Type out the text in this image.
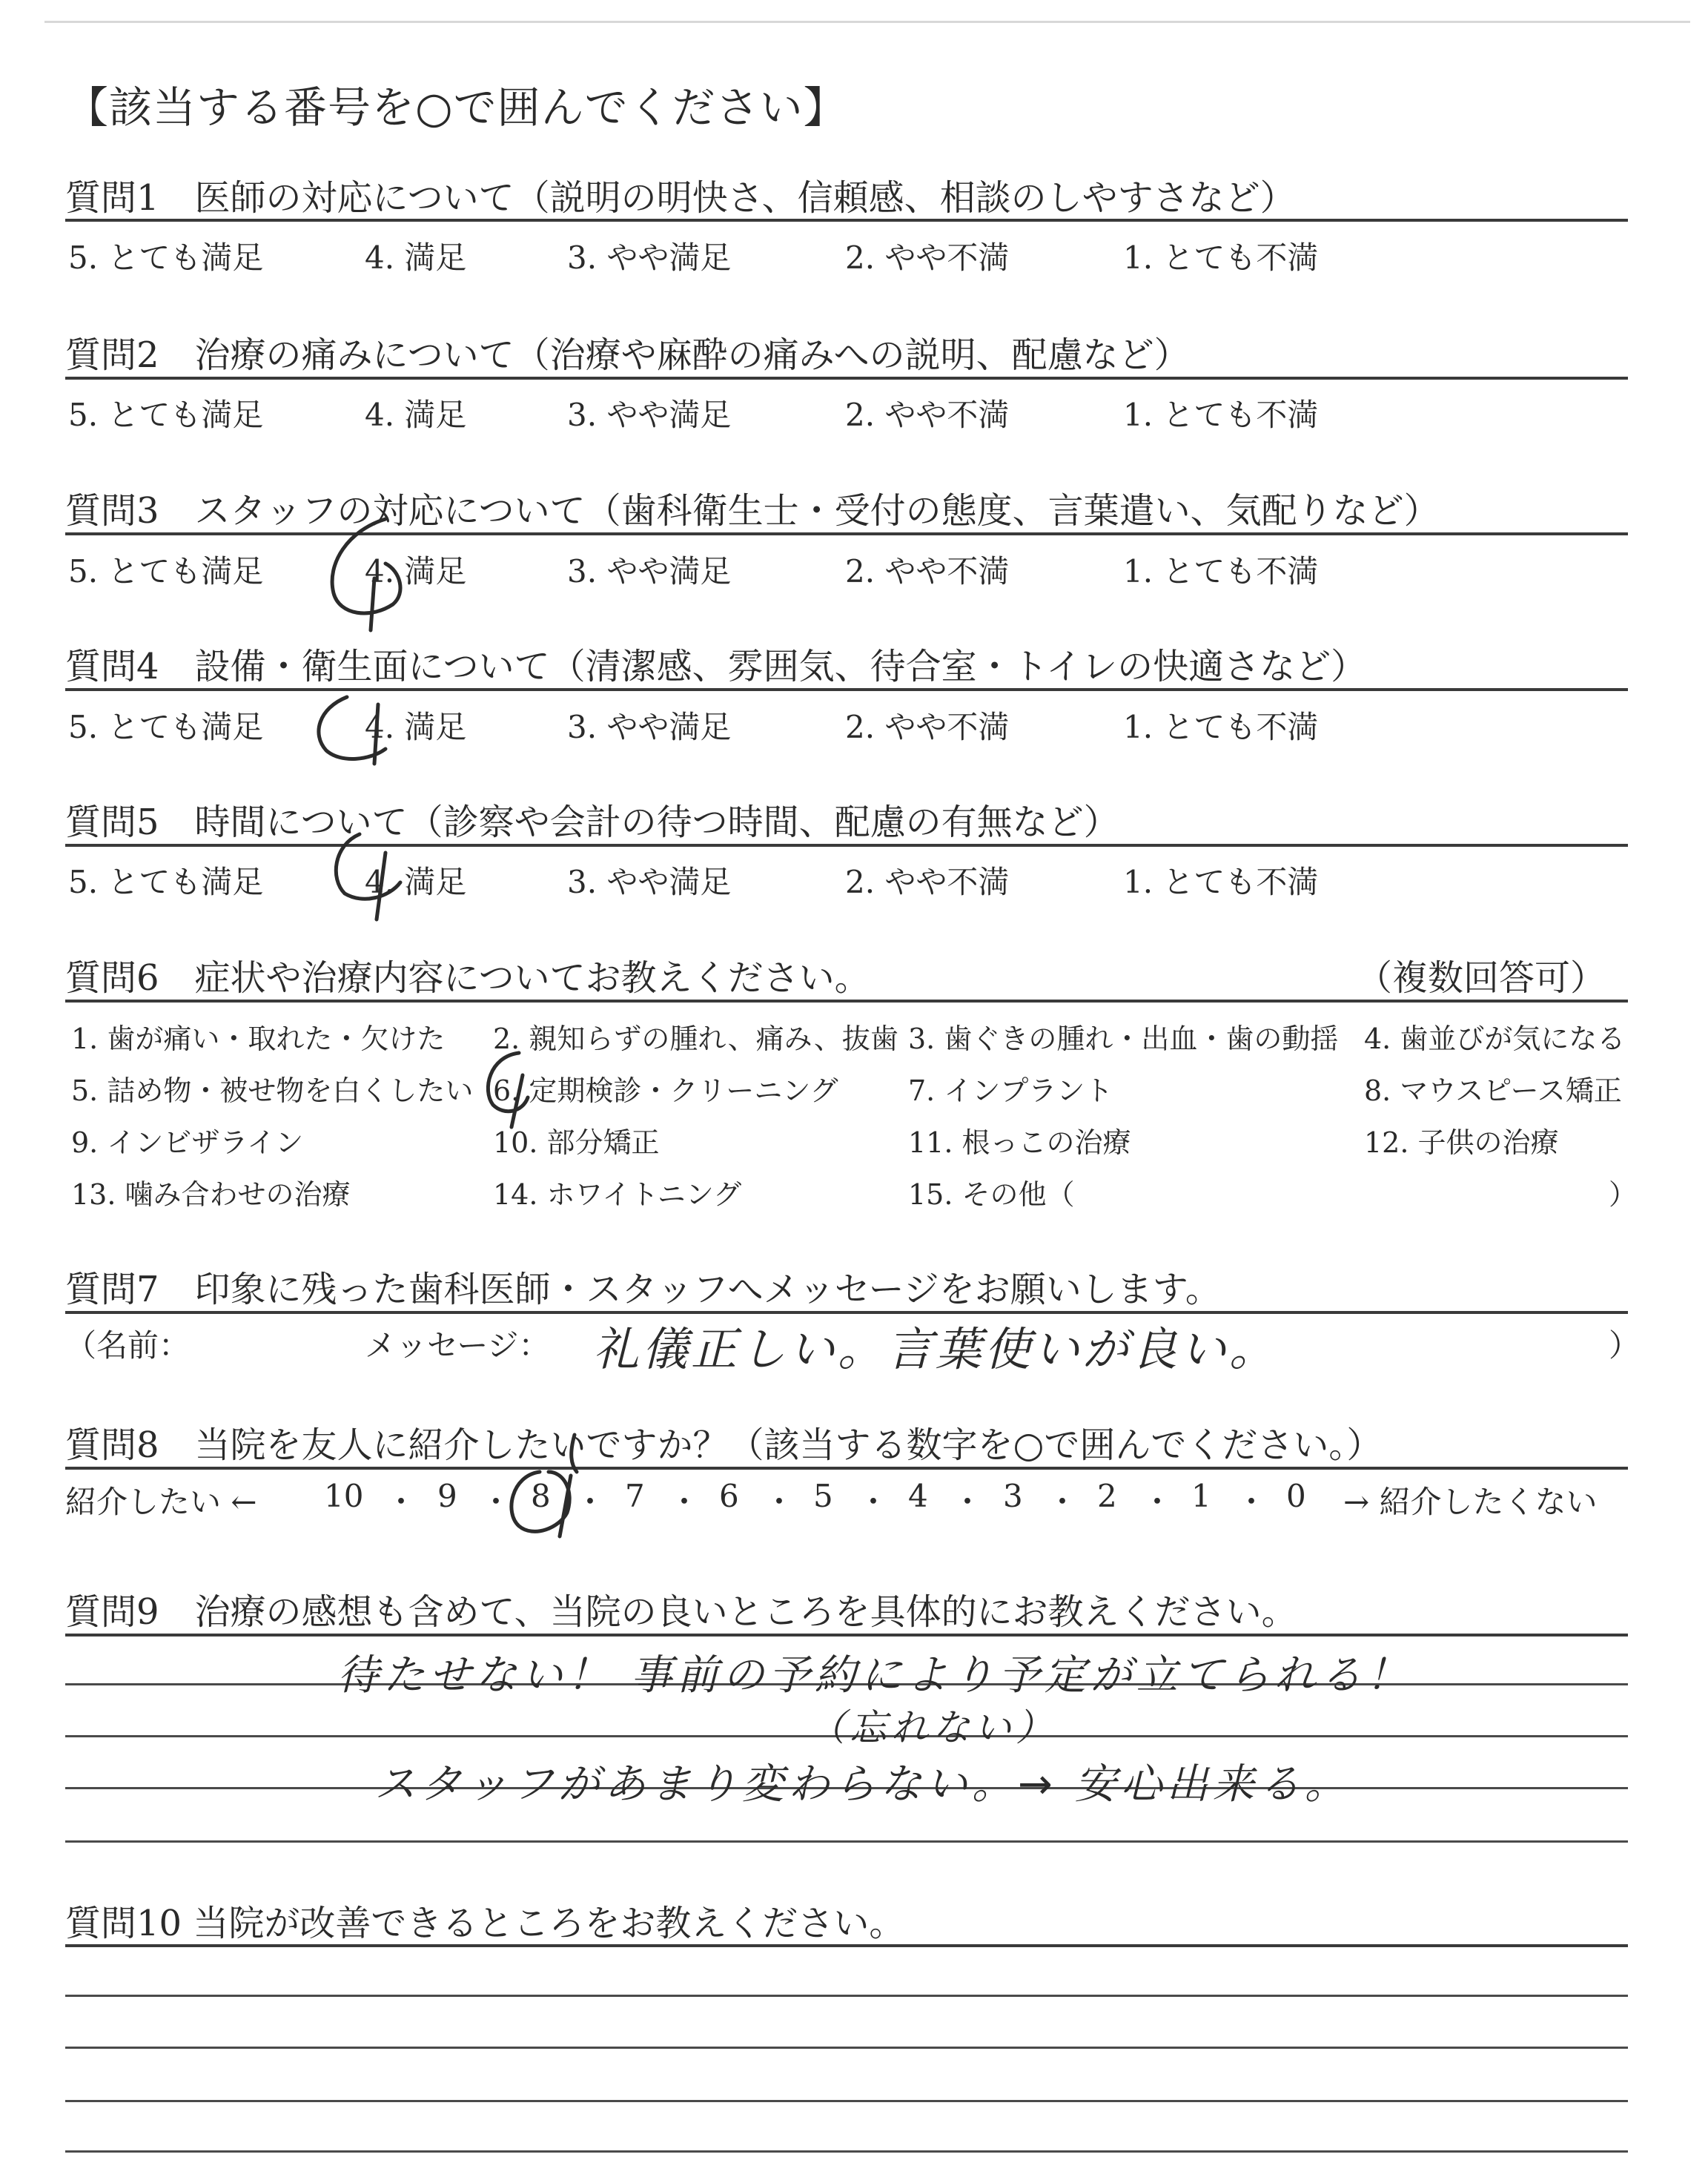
【該当する番号を○で囲んでください】
質問1　医師の対応について（説明の明快さ、信頼感、相談のしやすさなど）
5. とても満足	4. 満足	3. やや満足	2. やや不満	1. とても不満
質問2　治療の痛みについて（治療や麻酔の痛みへの説明、配慮など）
5. とても満足	4. 満足	3. やや満足	2. やや不満	1. とても不満
質問3　スタッフの対応について（歯科衛生士・受付の態度、言葉遣い、気配りなど）
5. とても満足	4. 満足	3. やや満足	2. やや不満	1. とても不満
質問4　設備・衛生面について（清潔感、雰囲気、待合室・トイレの快適さなど）
5. とても満足	4. 満足	3. やや満足	2. やや不満	1. とても不満
質問5　時間について（診察や会計の待つ時間、配慮の有無など）
5. とても満足	4. 満足	3. やや満足	2. やや不満	1. とても不満
質問6　症状や治療内容についてお教えください。	（複数回答可）
1. 歯が痛い・取れた・欠けた 2. 親知らずの腫れ、痛み、抜歯 3. 歯ぐきの腫れ・出血・歯の動揺 4. 歯並びが気になる
5. 詰め物・被せ物を白くしたい 6. 定期検診・クリーニング 7. インプラント	8. マウスピース矯正
9. インビザライン	10. 部分矯正	11. 根っこの治療	12. 子供の治療
13. 噛み合わせの治療	14. ホワイトニング	15. その他（	）
質問7　印象に残った歯科医師・スタッフへメッセージをお願いします。
（名前：	メッセージ：	）
礼儀正しい。言葉使いが良い。
質問8　当院を友人に紹介したいですか？（該当する数字を○で囲んでください。）
紹介したい ← 10 ・ 9 ・ 8 ・ 7 ・ 6 ・ 5 ・ 4 ・ 3 ・ 2 ・ 1 ・ 0 → 紹介したくない
質問9　治療の感想も含めて、当院の良いところを具体的にお教えください。
待たせない！ 事前の予約により予定が立てられる！
（忘れない）
スタッフがあまり変わらない。→ 安心出来る。
質問10 当院が改善できるところをお教えください。
